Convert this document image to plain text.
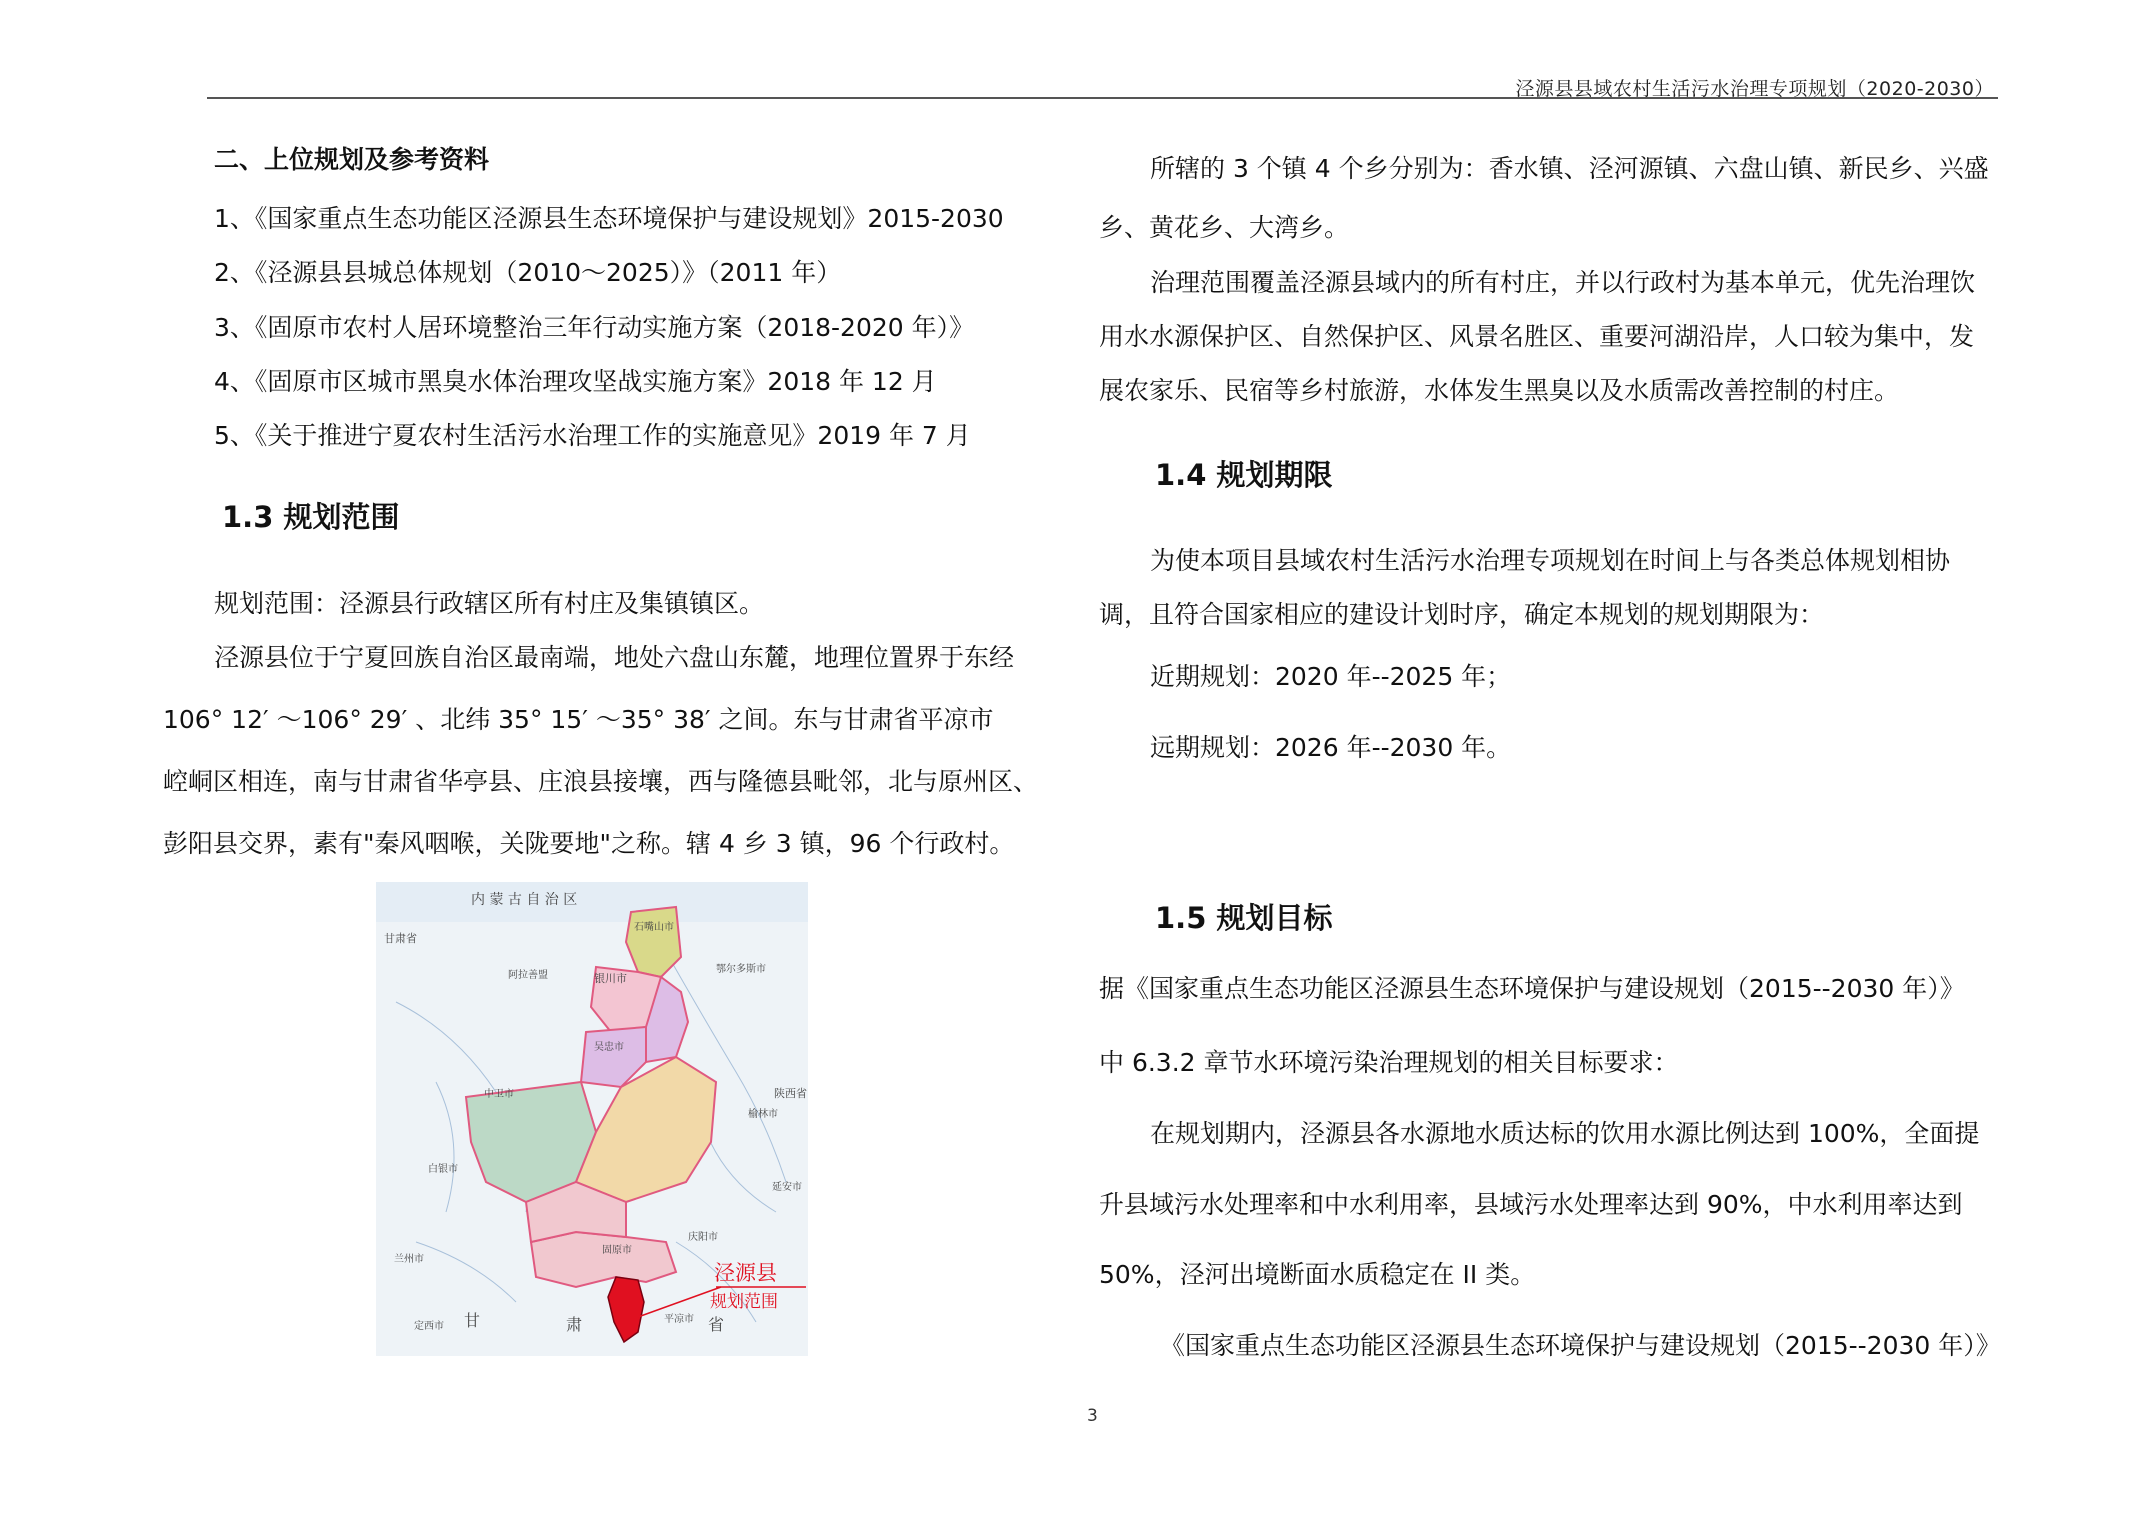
泾源县县域农村生活污水治理专项规划（2020-2030）
二、上位规划及参考资料
1、《国家重点生态功能区泾源县生态环境保护与建设规划》2015-2030
2、《泾源县县城总体规划（2010～2025）》（2011 年）
3、《固原市农村人居环境整治三年行动实施方案（2018-2020 年）》
4、《固原市区城市黑臭水体治理攻坚战实施方案》2018 年 12 月
5、《关于推进宁夏农村生活污水治理工作的实施意见》2019 年 7 月
1.3 规划范围
规划范围：泾源县行政辖区所有村庄及集镇镇区。
泾源县位于宁夏回族自治区最南端，地处六盘山东麓，地理位置界于东经
106° 12′ ～106° 29′ 、北纬 35° 15′ ～35° 38′ 之间。东与甘肃省平凉市
崆峒区相连，南与甘肃省华亭县、庄浪县接壤，西与隆德县毗邻，北与原州区、
彭阳县交界，素有"秦风咽喉，关陇要地"之称。辖 4 乡 3 镇，96 个行政村。
内 蒙 古 自 治 区
甘肃省
陕西省
石嘴山市
银川市
吴忠市
中卫市
固原市
阿拉善盟
鄂尔多斯市
白银市
兰州市
定西市
平凉市
庆阳市
榆林市
延安市
甘	肃	省
泾源县
规划范围
所辖的 3 个镇 4 个乡分别为：香水镇、泾河源镇、六盘山镇、新民乡、兴盛
乡、黄花乡、大湾乡。
治理范围覆盖泾源县域内的所有村庄，并以行政村为基本单元，优先治理饮
用水水源保护区、自然保护区、风景名胜区、重要河湖沿岸，人口较为集中，发
展农家乐、民宿等乡村旅游，水体发生黑臭以及水质需改善控制的村庄。
1.4 规划期限
为使本项目县域农村生活污水治理专项规划在时间上与各类总体规划相协
调，且符合国家相应的建设计划时序，确定本规划的规划期限为：
近期规划：2020 年--2025 年；
远期规划：2026 年--2030 年。
1.5 规划目标
据《国家重点生态功能区泾源县生态环境保护与建设规划（2015--2030 年）》
中 6.3.2 章节水环境污染治理规划的相关目标要求：
在规划期内，泾源县各水源地水质达标的饮用水源比例达到 100%，全面提
升县域污水处理率和中水利用率，县域污水处理率达到 90%，中水利用率达到
50%，泾河出境断面水质稳定在 II 类。
《国家重点生态功能区泾源县生态环境保护与建设规划（2015--2030 年）》
3
